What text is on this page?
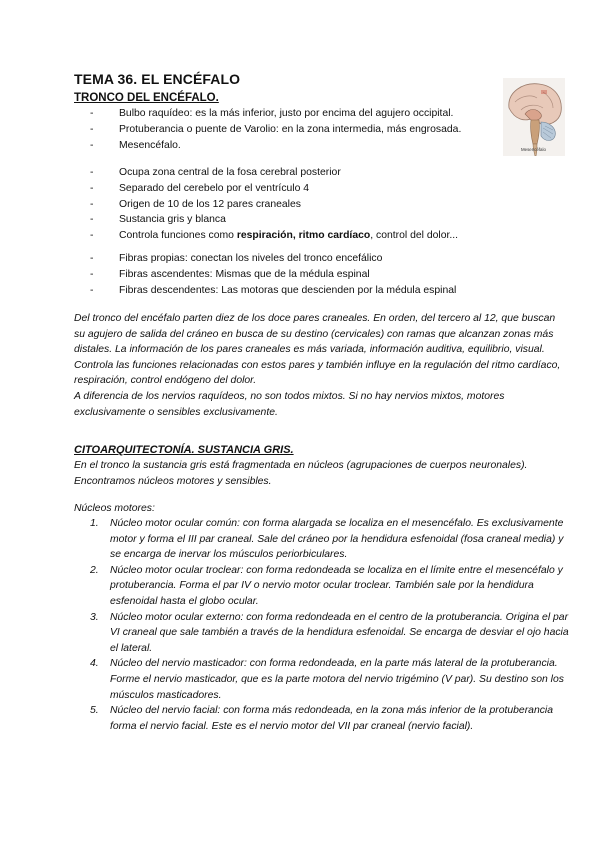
TEMA 36. EL ENCÉFALO
TRONCO DEL ENCÉFALO.
Mesencéfalo
- Bulbo raquídeo: es la más inferior, justo por encima del agujero occipital.
- Protuberancia o puente de Varolio: en la zona intermedia, más engrosada.
- Mesencéfalo.
- Ocupa zona central de la fosa cerebral posterior
- Separado del cerebelo por el ventrículo 4
- Origen de 10 de los 12 pares craneales
- Sustancia gris y blanca
- Controla funciones como respiración, ritmo cardíaco, control del dolor...
- Fibras propias: conectan los niveles del tronco encefálico
- Fibras ascendentes: Mismas que de la médula espinal
- Fibras descendentes: Las motoras que descienden por la médula espinal

Del tronco del encéfalo parten diez de los doce pares craneales. En orden, del tercero al 12, que buscan su agujero de salida del cráneo en busca de su destino (cervicales) con ramas que alcanzan zonas más distales. La información de los pares craneales es más variada, información auditiva, equilibrio, visual. Controla las funciones relacionadas con estos pares y también influye en la regulación del ritmo cardíaco, respiración, control endógeno del dolor.
A diferencia de los nervios raquídeos, no son todos mixtos. Si no hay nervios mixtos, motores exclusivamente o sensibles exclusivamente.

CITOARQUITECTONÍA. SUSTANCIA GRIS.

En el tronco la sustancia gris está fragmentada en núcleos (agrupaciones de cuerpos neuronales). Encontramos núcleos motores y sensibles.

Núcleos motores:

1. Núcleo motor ocular común: con forma alargada se localiza en el mesencéfalo. Es exclusivamente motor y forma el III par craneal. Sale del cráneo por la hendidura esfenoidal (fosa craneal media) y se encarga de inervar los músculos periorbiculares.
2. Núcleo motor ocular troclear: con forma redondeada se localiza en el límite entre el mesencéfalo y protuberancia. Forma el par IV o nervio motor ocular troclear. También sale por la hendidura esfenoidal hasta el globo ocular.
3. Núcleo motor ocular externo: con forma redondeada en el centro de la protuberancia. Origina el par VI craneal que sale también a través de la hendidura esfenoidal. Se encarga de desviar el ojo hacia el lateral.
4. Núcleo del nervio masticador: con forma redondeada, en la parte más lateral de la protuberancia. Forme el nervio masticador, que es la parte motora del nervio trigémino (V par). Su destino son los músculos masticadores.
5. Núcleo del nervio facial: con forma más redondeada, en la zona más inferior de la protuberancia forma el nervio facial. Este es el nervio motor del VII par craneal (nervio facial).
